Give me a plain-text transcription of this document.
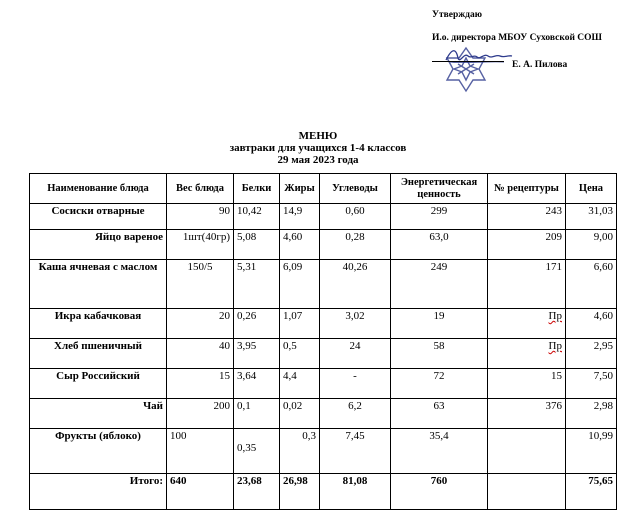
Утверждаю
И.о. директора МБОУ Суховской СОШ
Е. А. Пилова
МЕНЮ
завтраки для учащихся 1-4 классов
29 мая 2023 года
Наименование блюда	Вес блюда	Белки	Жиры	Углеводы	Энергетическая ценность	№ рецептуры	Цена
Сосиски отварные	90	10,42	14,9	0,60	299	243	31,03
Яйцо вареное	1шт(40гр)	5,08	4,60	0,28	63,0	209	9,00
Каша ячневая с маслом	150/5	5,31	6,09	40,26	249	171	6,60
Икра кабачковая	20	0,26	1,07	3,02	19	Пр	4,60
Хлеб пшеничный	40	3,95	0,5	24	58	Пр	2,95
Сыр Российский	15	3,64	4,4	-	72	15	7,50
Чай	200	0,1	0,02	6,2	63	376	2,98
Фрукты (яблоко)	100	0,35	0,3	7,45	35,4		10,99
Итого:	640	23,68	26,98	81,08	760		75,65
